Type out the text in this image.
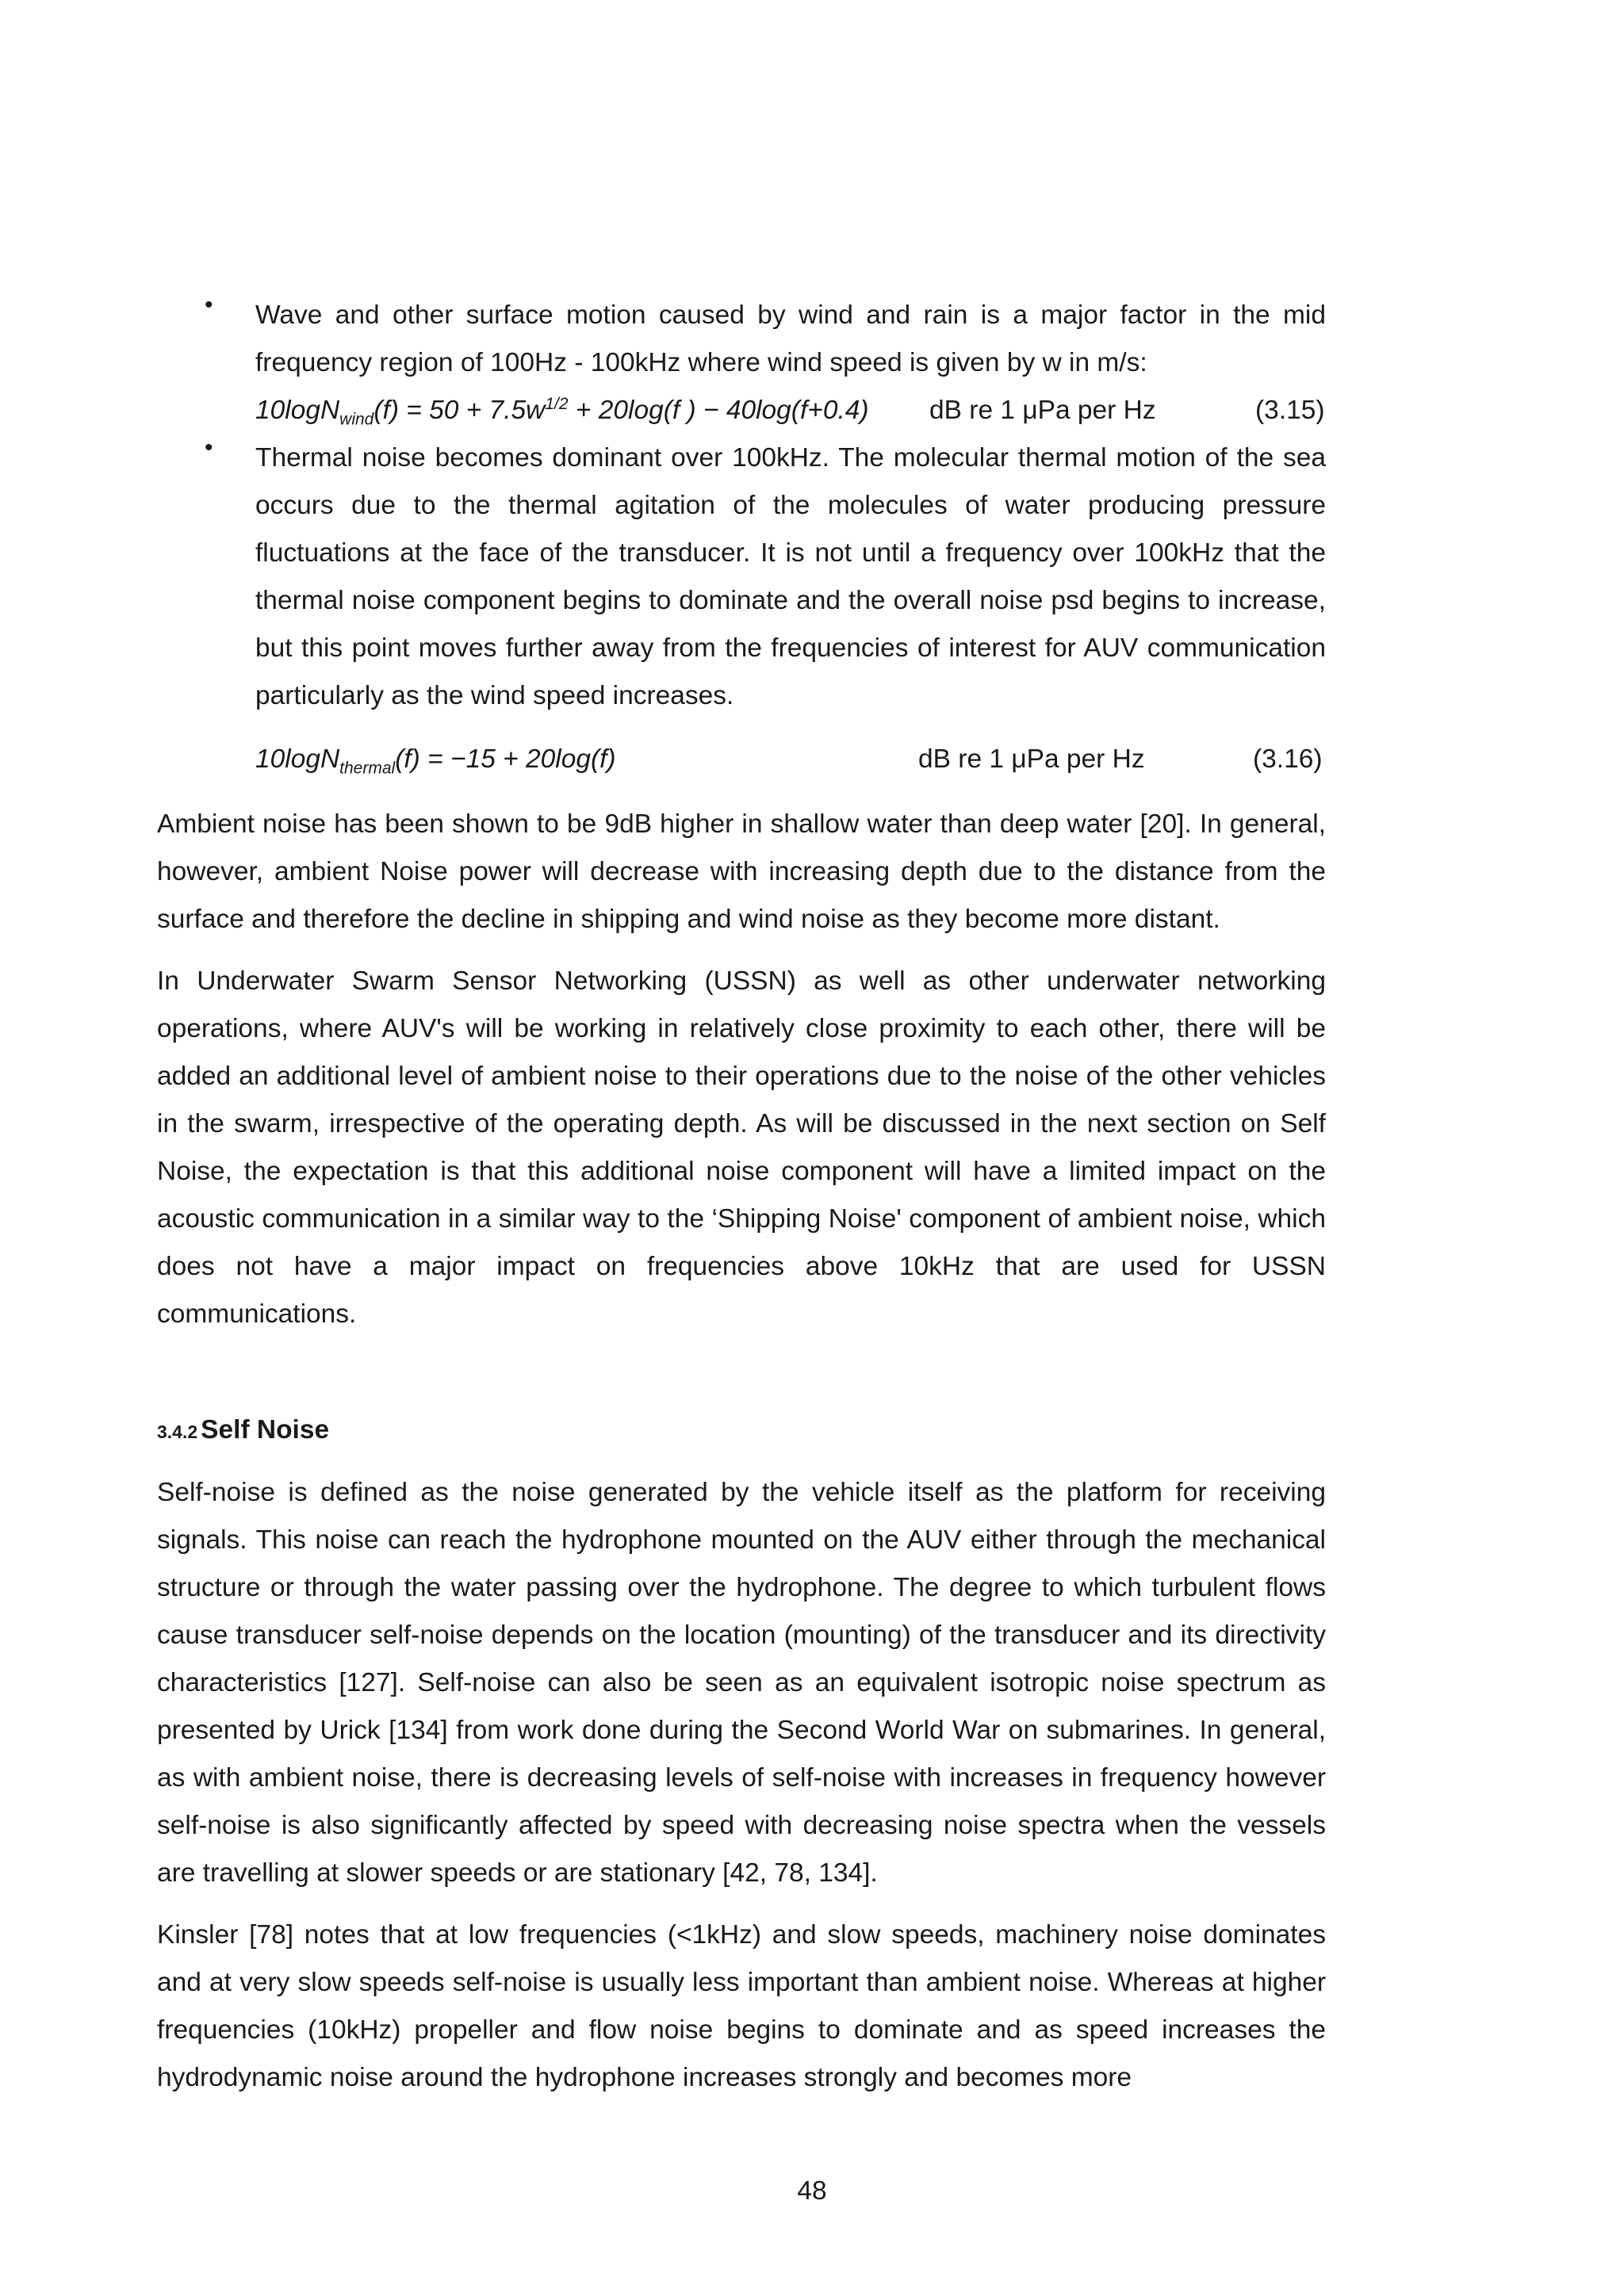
• Wave and other surface motion caused by wind and rain is a major factor in the mid frequency region of 100Hz - 100kHz where wind speed is given by w in m/s:

$10\log N_{wind}(f) = 50 + 7.5w^{1/2} + 20\log(f$ ) − 40log(f+0.4) dB re 1 μPa per Hz	(3.15)
• Thermal noise becomes dominant over 100kHz. The molecular thermal motion of the sea occurs due to the thermal agitation of the molecules of water producing pressure fluctuations at the face of the transducer. It is not until a frequency over 100kHz that the thermal noise component begins to dominate and the overall noise psd begins to increase, but this point moves further away from the frequencies of interest for AUV communication particularly as the wind speed increases.

10logN$_{thermal}$(f) = −15 + 20log(f)	dB re 1 μPa per Hz	(3.16)

Ambient noise has been shown to be 9dB higher in shallow water than deep water [20]. In general, however, ambient Noise power will decrease with increasing depth due to the distance from the surface and therefore the decline in shipping and wind noise as they become more distant.

In Underwater Swarm Sensor Networking (USSN) as well as other underwater networking operations, where AUV's will be working in relatively close proximity to each other, there will be added an additional level of ambient noise to their operations due to the noise of the other vehicles in the swarm, irrespective of the operating depth. As will be discussed in the next section on Self Noise, the expectation is that this additional noise component will have a limited impact on the acoustic communication in a similar way to the ‘Shipping Noise' component of ambient noise, which does not have a major impact on frequencies above 10kHz that are used for USSN communications.

3.4.2 Self Noise

Self-noise is defined as the noise generated by the vehicle itself as the platform for receiving signals. This noise can reach the hydrophone mounted on the AUV either through the mechanical structure or through the water passing over the hydrophone. The degree to which turbulent flows cause transducer self-noise depends on the location (mounting) of the transducer and its directivity characteristics [127]. Self-noise can also be seen as an equivalent isotropic noise spectrum as presented by Urick [134] from work done during the Second World War on submarines. In general, as with ambient noise, there is decreasing levels of self-noise with increases in frequency however self-noise is also significantly affected by speed with decreasing noise spectra when the vessels are travelling at slower speeds or are stationary [42, 78, 134].

Kinsler [78] notes that at low frequencies (<1kHz) and slow speeds, machinery noise dominates and at very slow speeds self-noise is usually less important than ambient noise. Whereas at higher frequencies (10kHz) propeller and flow noise begins to dominate and as speed increases the hydrodynamic noise around the hydrophone increases strongly and becomes more

48
